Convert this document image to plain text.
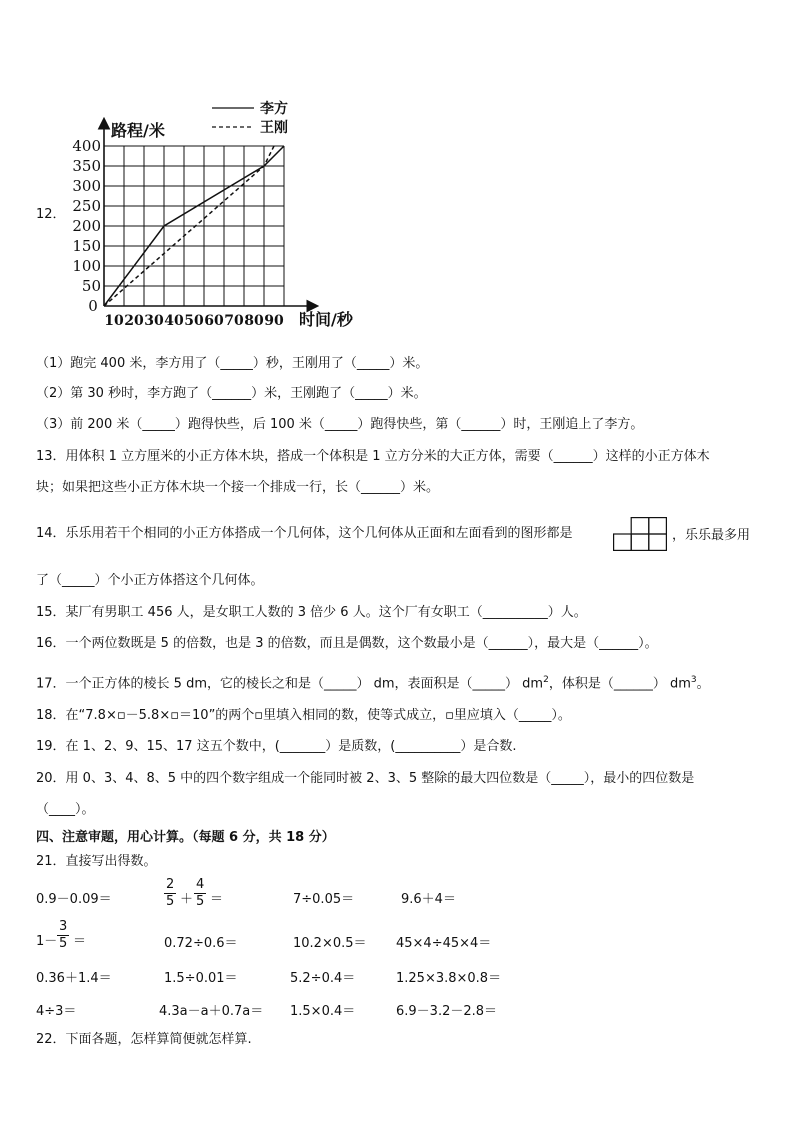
12．
50
100
150
200
250
300
350
400
0
10 20 30 40 50 60 70 80 90
路程/米
时间/秒
李方
王刚
（1）跑完 400 米，李方用了（_____）秒，王刚用了（_____）米。
（2）第 30 秒时，李方跑了（______）米，王刚跑了（_____）米。
（3）前 200 米（_____）跑得快些，后 100 米（_____）跑得快些，第（______）时，王刚追上了李方。
13．用体积 1 立方厘米的小正方体木块，搭成一个体积是 1 立方分米的大正方体，需要（______）这样的小正方体木
块；如果把这些小正方体木块一个接一个排成一行，长（______）米。
14．乐乐用若干个相同的小正方体搭成一个几何体，这个几何体从正面和左面看到的图形都是	，乐乐最多用
了（_____）个小正方体搭这个几何体。
15．某厂有男职工 456 人，是女职工人数的 3 倍少 6 人。这个厂有女职工（__________）人。
16．一个两位数既是 5 的倍数，也是 3 的倍数，而且是偶数，这个数最小是（______），最大是（______）。
17．一个正方体的棱长 5 dm，它的棱长之和是（_____） dm，表面积是（_____） $dm^2$，体积是（______） $dm^3$。
18．在“7.8×▫－5.8×▫＝10”的两个▫里填入相同的数，使等式成立，▫里应填入（_____）。
19．在 1、2、9、15、17 这五个数中，(_______）是质数，(__________）是合数.
20．用 0、3、4、8、5 中的四个数字组成一个能同时被 2、3、5 整除的最大四位数是（_____），最小的四位数是
（____）。
四、注意审题，用心计算。（每题 6 分，共 18 分）
21．直接写出得数。
0.9－0.09＝	$\frac{2}{5} + \frac{4}{5}$ ＝	7÷0.05＝	9.6＋4＝
$1- \frac{3}{5}$ ＝	0.72÷0.6＝	10.2×0.5＝ 45×4÷45×4＝
0.36＋1.4＝	1.5÷0.01＝	5.2÷0.4＝	1.25×3.8×0.8＝
4÷3＝	4.3a－a＋0.7a＝ 1.5×0.4＝	6.9－3.2－2.8＝
22．下面各题，怎样算简便就怎样算.
